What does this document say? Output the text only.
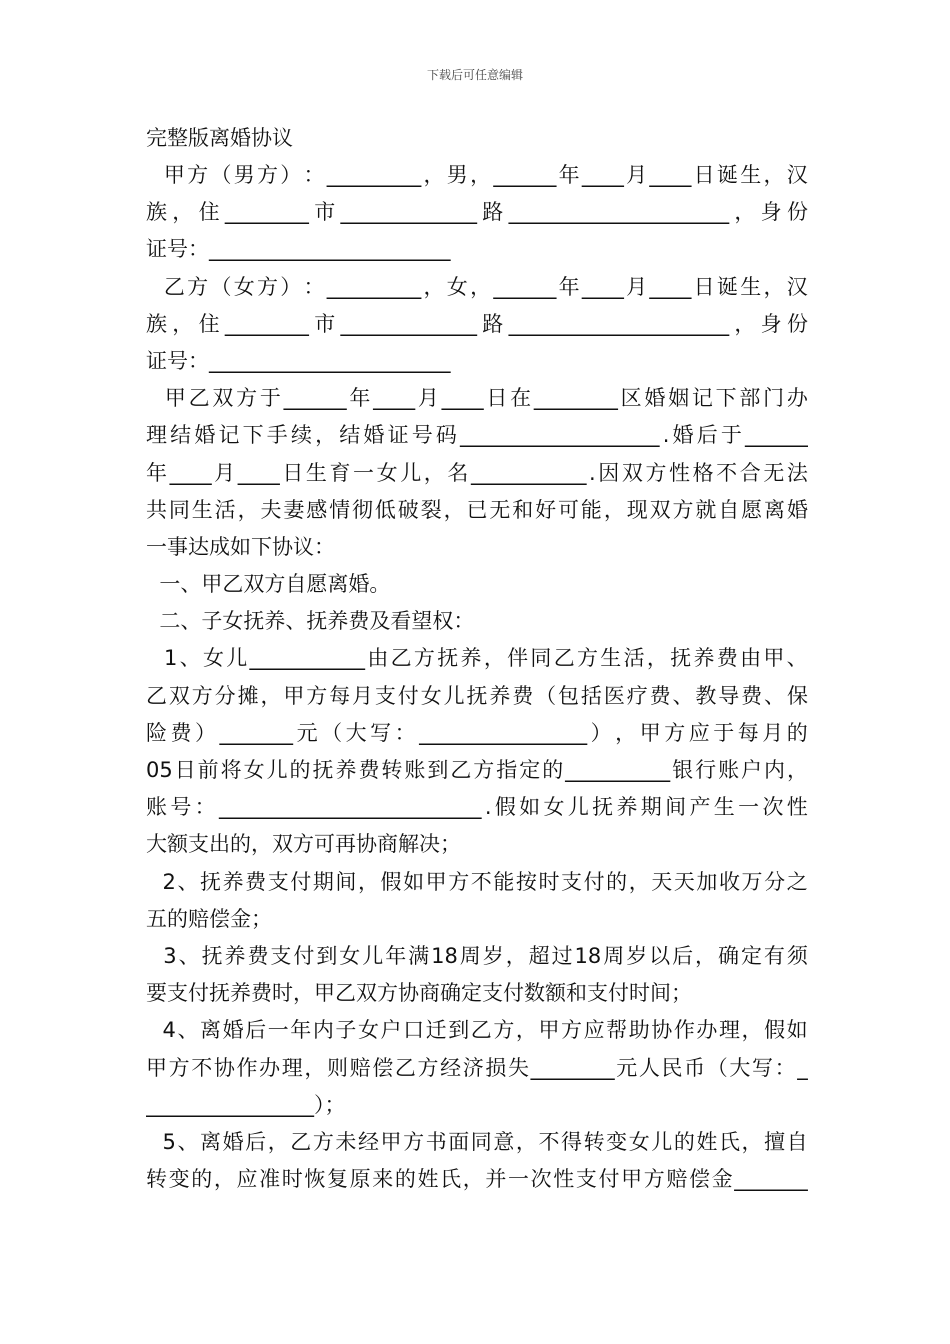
下载后可任意编辑
完整版离婚协议

甲 方 （ 男 方 ） ： _________ ， 男 ， ______ 年 ____ 月 ____ 日 诞 生 ， 汉
族 ， 住 ________ 市 _____________ 路 _____________________ ， 身 份
证号：_______________________

乙 方 （ 女 方 ） ： _________ ， 女 ， ______ 年 ____ 月 ____ 日 诞 生 ， 汉
族 ， 住 ________ 市 _____________ 路 _____________________ ， 身 份
证号：_______________________

甲 乙 双 方 于 ______ 年 ____ 月 ____ 日 在 ________ 区 婚 姻 记 下 部 门 办
理 结 婚 记 下 手 续 ， 结 婚 证 号 码 ___________________ . 婚 后 于 ______
年 ____ 月 ____ 日 生 育 一 女 儿 ， 名 ___________ . 因 双 方 性 格 不 合 无 法
共 同 生 活 ， 夫 妻 感 情 彻 低 破 裂 ， 已 无 和 好 可 能 ， 现 双 方 就 自 愿 离 婚
一事达成如下协议：
一、甲乙双方自愿离婚。
二、子女抚养、抚养费及看望权：

1 、 女 儿 ___________ 由 乙 方 抚 养 ， 伴 同 乙 方 生 活 ， 抚 养 费 由 甲 、
乙 双 方 分 摊 ， 甲 方 每 月 支 付 女 儿 抚 养 费 （ 包 括 医 疗 费 、 教 导 费 、 保
险 费 ） _______ 元 （ 大 写 ： ________________ ） ， 甲 方 应 于 每 月 的
05 日 前 将 女 儿 的 抚 养 费 转 账 到 乙 方 指 定 的 __________ 银 行 账 户 内 ，
账 号 ： _________________________ . 假 如 女 儿 抚 养 期 间 产 生 一 次 性
大额支出的，双方可再协商解决；

2 、 抚 养 费 支 付 期 间 ， 假 如 甲 方 不 能 按 时 支 付 的 ， 天 天 加 收 万 分 之
五的赔偿金；

3 、 抚 养 费 支 付 到 女 儿 年 满 18 周 岁 ， 超 过 18 周 岁 以 后 ， 确 定 有 须
要支付抚养费时，甲乙双方协商确定支付数额和支付时间；

4 、 离 婚 后 一 年 内 子 女 户 口 迁 到 乙 方 ， 甲 方 应 帮 助 协 作 办 理 ， 假 如
甲 方 不 协 作 办 理 ， 则 赔 偿 乙 方 经 济 损 失 ________ 元 人 民 币 （ 大 写 ： _
________________）；

5 、 离 婚 后 ， 乙 方 未 经 甲 方 书 面 同 意 ， 不 得 转 变 女 儿 的 姓 氏 ， 擅 自
转 变 的 ， 应 准 时 恢 复 原 来 的 姓 氏 ， 并 一 次 性 支 付 甲 方 赔 偿 金 _______
